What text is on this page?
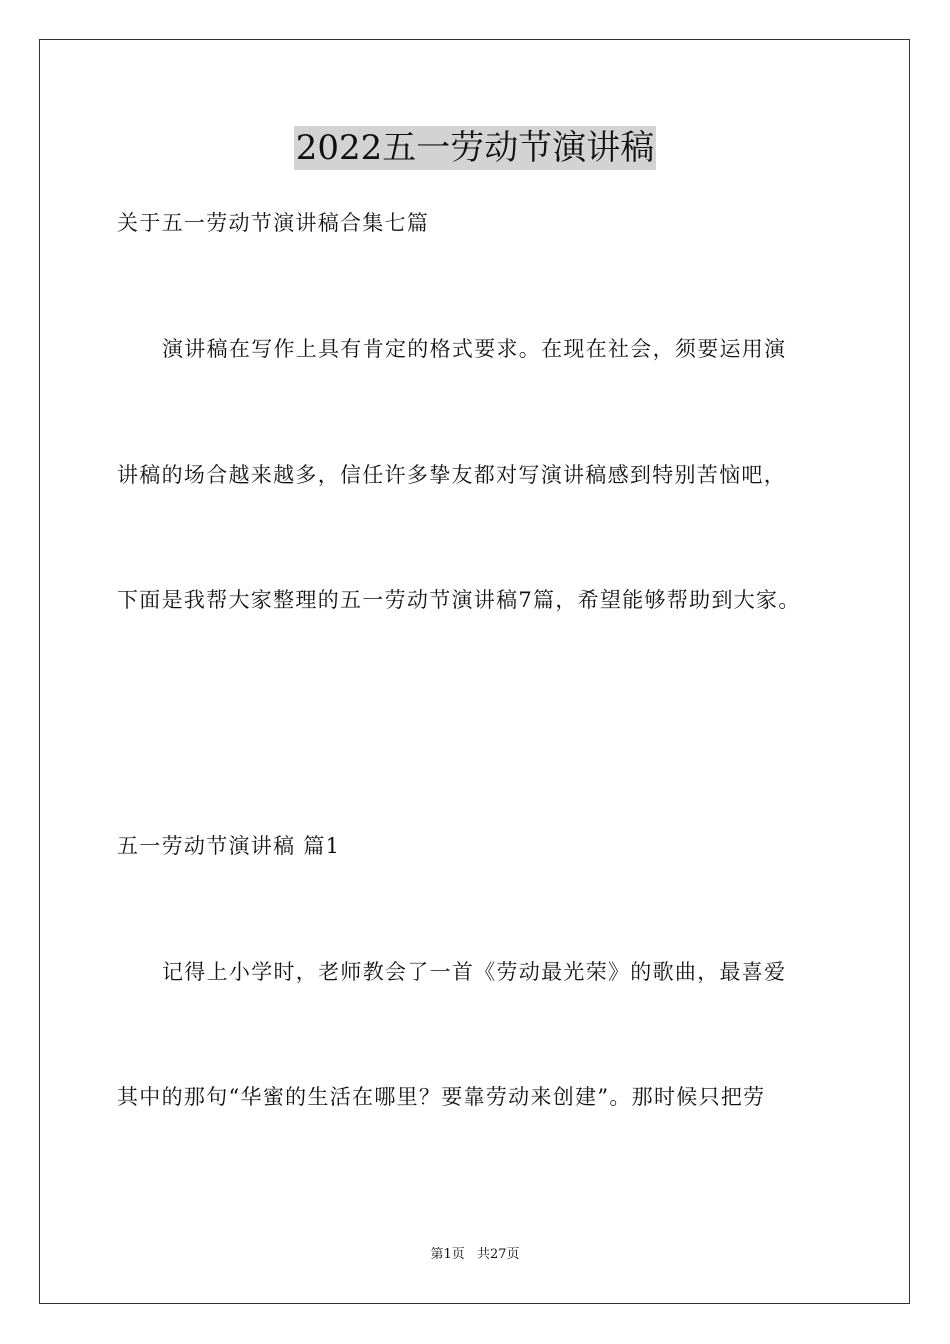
2022五一劳动节演讲稿
关于五一劳动节演讲稿合集七篇
演讲稿在写作上具有肯定的格式要求。在现在社会，须要运用演
讲稿的场合越来越多，信任许多挚友都对写演讲稿感到特别苦恼吧，
下面是我帮大家整理的五一劳动节演讲稿7篇，希望能够帮助到大家。
五一劳动节演讲稿 篇1
记得上小学时，老师教会了一首《劳动最光荣》的歌曲，最喜爱
其中的那句“华蜜的生活在哪里？要靠劳动来创建”。那时候只把劳
第1页 共27页
